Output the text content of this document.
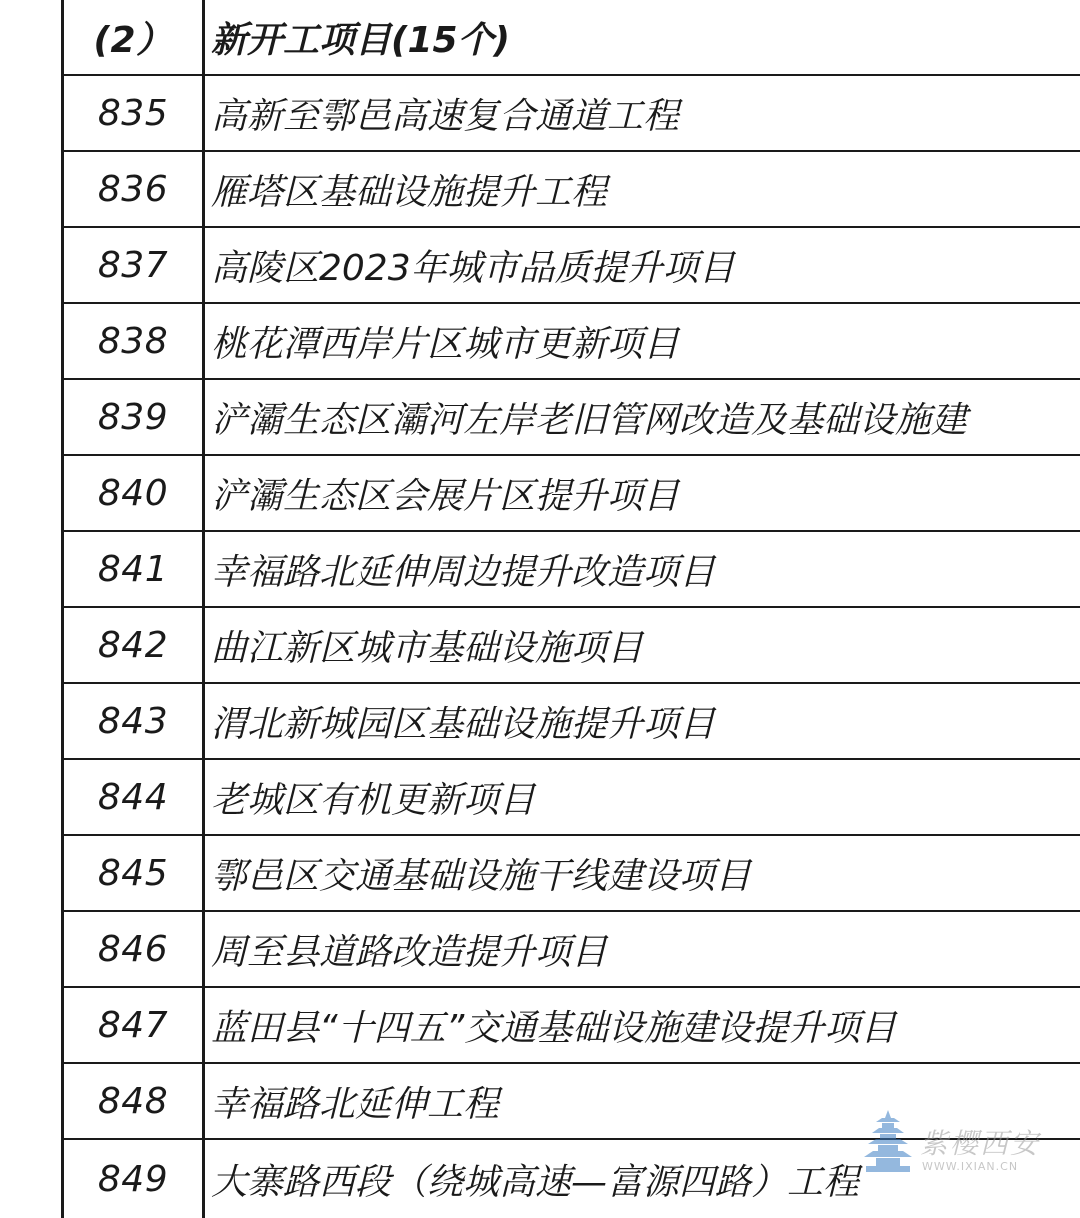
(2）	新开工项目(15个)
835	高新至鄠邑高速复合通道工程
836	雁塔区基础设施提升工程
837	高陵区2023年城市品质提升项目
838	桃花潭西岸片区城市更新项目
839	浐灞生态区灞河左岸老旧管网改造及基础设施建
840	浐灞生态区会展片区提升项目
841	幸福路北延伸周边提升改造项目
842	曲江新区城市基础设施项目
843	渭北新城园区基础设施提升项目
844	老城区有机更新项目
845	鄠邑区交通基础设施干线建设项目
846	周至县道路改造提升项目
847	蓝田县“十四五”交通基础设施建设提升项目
848	幸福路北延伸工程
849	大寨路西段（绕城高速—富源四路）工程
紫樱西安
WWW.IXIAN.CN
